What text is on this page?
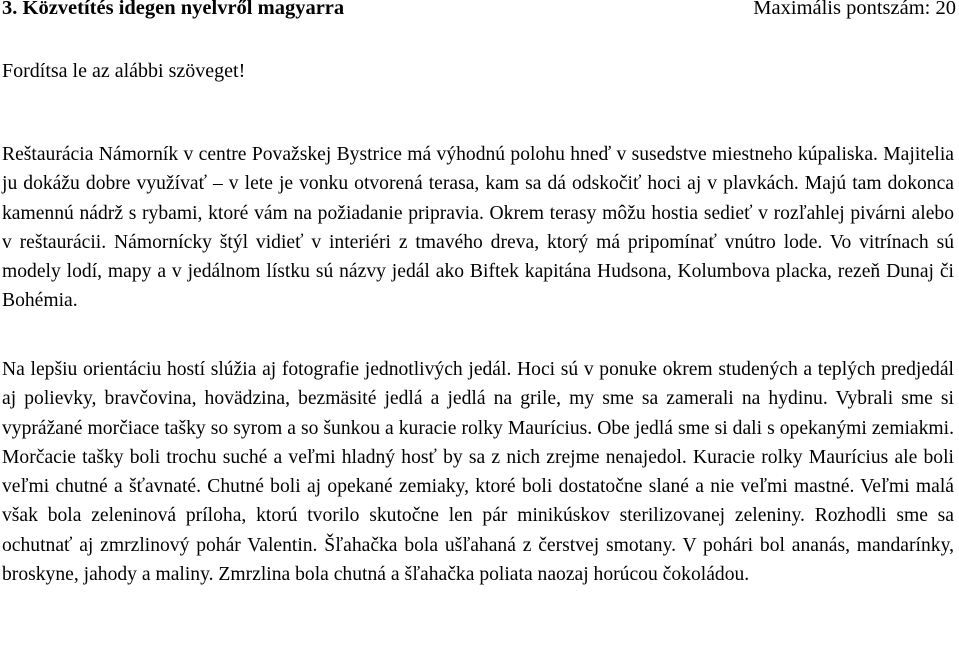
3. Közvetítés idegen nyelvről magyarra	Maximális pontszám: 20
Fordítsa le az alábbi szöveget!

Reštaurácia Námorník v centre Považskej Bystrice má výhodnú polohu hneď v susedstve miestneho kúpaliska. Majitelia ju dokážu dobre využívať – v lete je vonku otvorená terasa, kam sa dá odskočiť hoci aj v plavkách. Majú tam dokonca kamennú nádrž s rybami, ktoré vám na požiadanie pripravia. Okrem terasy môžu hostia sedieť v rozľahlej pivárni alebo v reštaurácii. Námornícky štýl vidieť v interiéri z tmavého dreva, ktorý má pripomínať vnútro lode. Vo vitrínach sú modely lodí, mapy a v jedálnom lístku sú názvy jedál ako Biftek kapitána Hudsona, Kolumbova placka, rezeň Dunaj či Bohémia.

Na lepšiu orientáciu hostí slúžia aj fotografie jednotlivých jedál. Hoci sú v ponuke okrem studených a teplých predjedál aj polievky, bravčovina, hovädzina, bezmäsité jedlá a jedlá na grile, my sme sa zamerali na hydinu. Vybrali sme si vyprážané morčiace tašky so syrom a so šunkou a kuracie rolky Maurícius. Obe jedlá sme si dali s opekanými zemiakmi. Morčacie tašky boli trochu suché a veľmi hladný hosť by sa z nich zrejme nenajedol. Kuracie rolky Maurícius ale boli veľmi chutné a šťavnaté. Chutné boli aj opekané zemiaky, ktoré boli dostatočne slané a nie veľmi mastné. Veľmi malá však bola zeleninová príloha, ktorú tvorilo skutočne len pár minikúskov sterilizovanej zeleniny. Rozhodli sme sa ochutnať aj zmrzlinový pohár Valentin. Šľahačka bola ušľahaná z čerstvej smotany. V pohári bol ananás, mandarínky, broskyne, jahody a maliny. Zmrzlina bola chutná a šľahačka poliata naozaj horúcou čokoládou.
